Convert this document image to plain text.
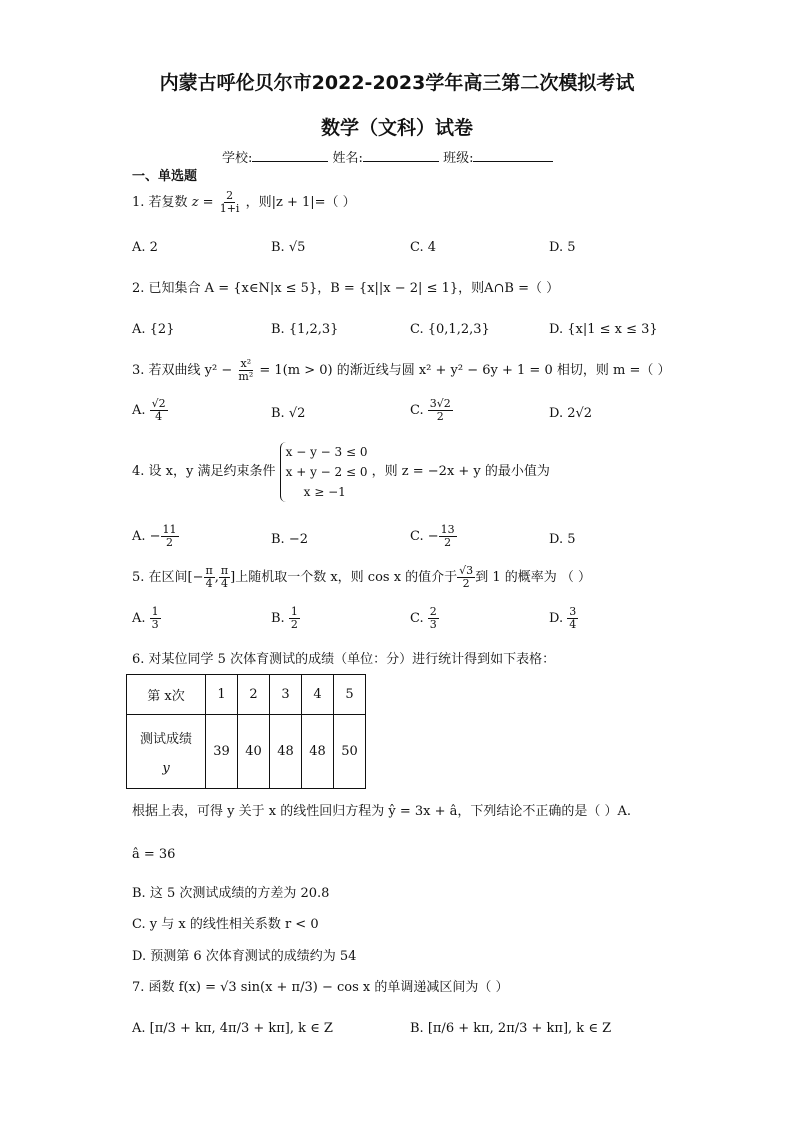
内蒙古呼伦贝尔市2022-2023学年高三第二次模拟考试
数学（文科）试卷
学校:	姓名:	班级:
一、单选题
1. 若复数 $z = \frac{2}{1+i}$ ，则|z + 1|=（ ）
A. 2	B. √5	C. 4	D. 5
2. 已知集合 A = {x∈N|x ≤ 5}，B = {x||x − 2| ≤ 1}，则A∩B =（ ）
A. {2}	B. {1,2,3}	C. {0,1,2,3}	D. {x|1 ≤ x ≤ 3}
3. 若双曲线 $y^2 - \frac{\text{x²}}{\text{m²}} = 1(m > 0)$ 的渐近线与圆 x² + y² − 6y + 1 = 0 相切，则 m =（ ）
A. $\frac{√2}{4}$	B. √2	C. $\frac{3√2}{2}$	D. 2√2
4. 设 x，y 满足约束条件
x − y − 3 ≤ 0
x + y − 2 ≤ 0
x ≥ −1
，则 z = −2x + y 的最小值为
A. − $\frac{11}{2}$	B. −2	C. − $\frac{13}{2}$	D. 5
5. 在区间[− $\frac{\pi}{4}$ , $\frac{\pi}{4}$ ]上随机取一个数 x，则 cos x 的值介于 $\frac{√3}{2}$ 到 1 的概率为 （ ）
A. $\frac{1}{3}$	B. $\frac{1}{2}$	C. $\frac{2}{3}$	D. $\frac{3}{4}$
6. 对某位同学 5 次体育测试的成绩（单位：分）进行统计得到如下表格：
第 x次	1	2	3	4	5

测试成绩
y	39	40	48	48	50
根据上表，可得 y 关于 x 的线性回归方程为 ŷ = 3x + â，下列结论不正确的是（ ）A.
â = 36
B. 这 5 次测试成绩的方差为 20.8
C. y 与 x 的线性相关系数 r < 0
D. 预测第 6 次体育测试的成绩约为 54
7. 函数 f(x) = √3 sin(x + π/3) − cos x 的单调递减区间为（ ）
A. [π/3 + kπ, 4π/3 + kπ], k ∈ Z	B. [π/6 + kπ, 2π/3 + kπ], k ∈ Z
